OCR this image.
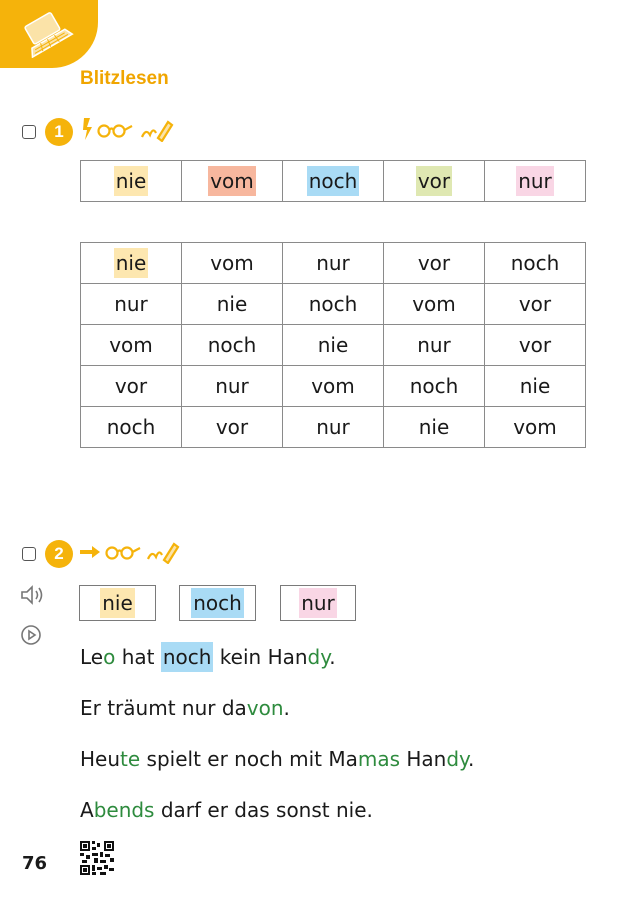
Blitzlesen
1
nie	vom	noch	vor	nur
nie	vom	nur	vor	noch
nur	nie	noch	vom	vor
vom	noch	nie	nur	vor
vor	nur	vom	noch	nie
noch	vor	nur	nie	vom
2
nie	noch	nur
Leo hat noch kein Handy.
Er träumt nur davon.
Heute spielt er noch mit Mamas Handy.
Abends darf er das sonst nie.
76
